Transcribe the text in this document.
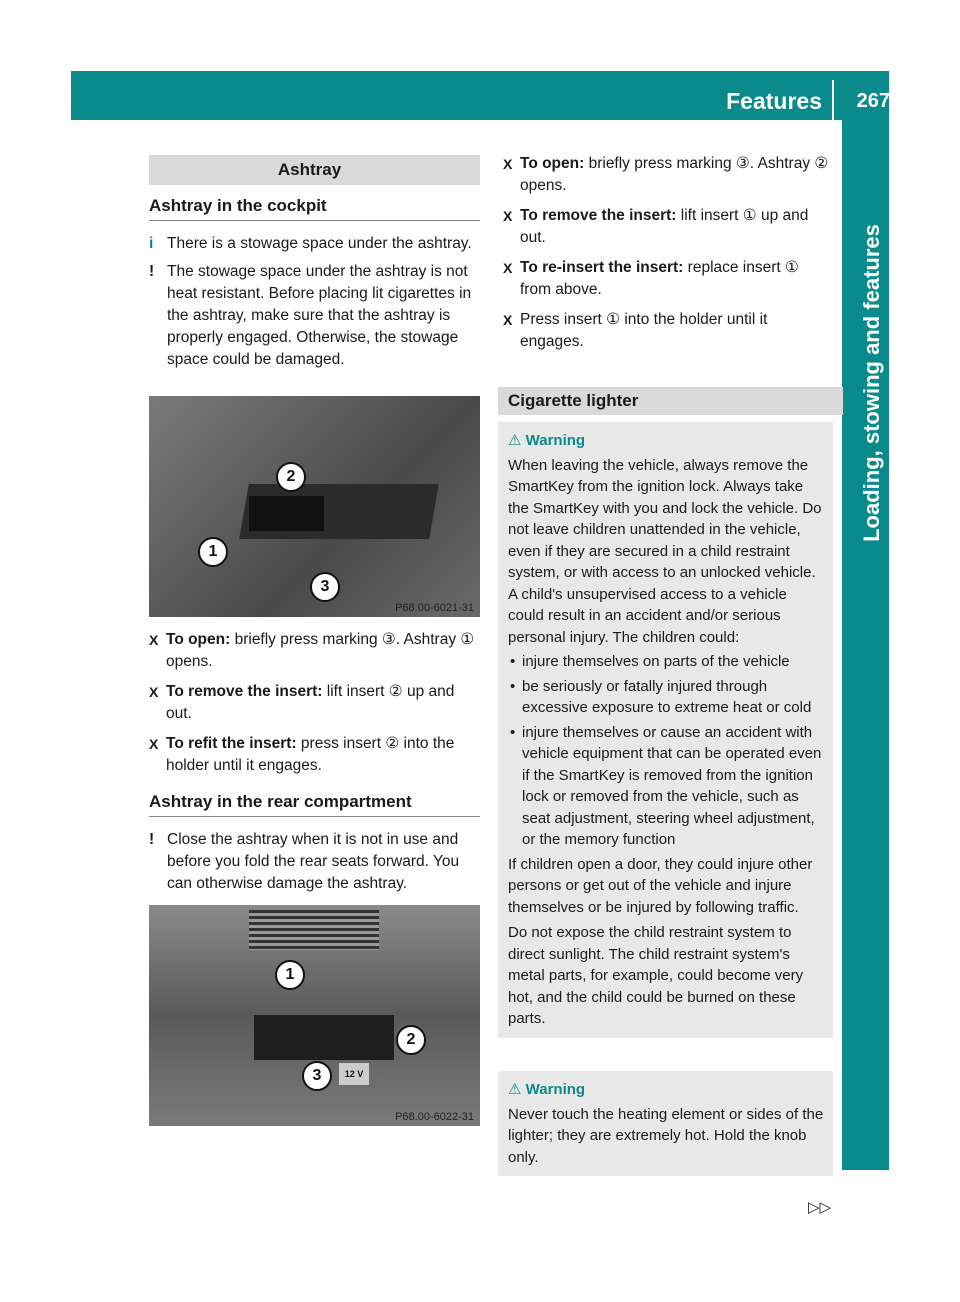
Features 267
Loading, stowing and features
Ashtray
Ashtray in the cockpit
i There is a stowage space under the ashtray.
! The stowage space under the ashtray is not heat resistant. Before placing lit cigarettes in the ashtray, make sure that the ashtray is properly engaged. Otherwise, the stowage space could be damaged.
2
1
3
P68.00-6021-31
X To open: briefly press marking ③. Ashtray ① opens.
X To remove the insert: lift insert ② up and out.
X To refit the insert: press insert ② into the holder until it engages.
Ashtray in the rear compartment
! Close the ashtray when it is not in use and before you fold the rear seats forward. You can otherwise damage the ashtray.
12 V
1
2
3
P68.00-6022-31
X To open: briefly press marking ③. Ashtray ② opens.
X To remove the insert: lift insert ① up and out.
X To re-insert the insert: replace insert ① from above.
X Press insert ① into the holder until it engages.
Cigarette lighter
⚠ Warning
When leaving the vehicle, always remove the SmartKey from the ignition lock. Always take the SmartKey with you and lock the vehicle. Do not leave children unattended in the vehicle, even if they are secured in a child restraint system, or with access to an unlocked vehicle. A child's unsupervised access to a vehicle could result in an accident and/or serious personal injury. The children could:
• injure themselves on parts of the vehicle
• be seriously or fatally injured through excessive exposure to extreme heat or cold
• injure themselves or cause an accident with vehicle equipment that can be operated even if the SmartKey is removed from the ignition lock or removed from the vehicle, such as seat adjustment, steering wheel adjustment, or the memory function
If children open a door, they could injure other persons or get out of the vehicle and injure themselves or be injured by following traffic.
Do not expose the child restraint system to direct sunlight. The child restraint system's metal parts, for example, could become very hot, and the child could be burned on these parts.
⚠ Warning
Never touch the heating element or sides of the lighter; they are extremely hot. Hold the knob only.
▷▷
